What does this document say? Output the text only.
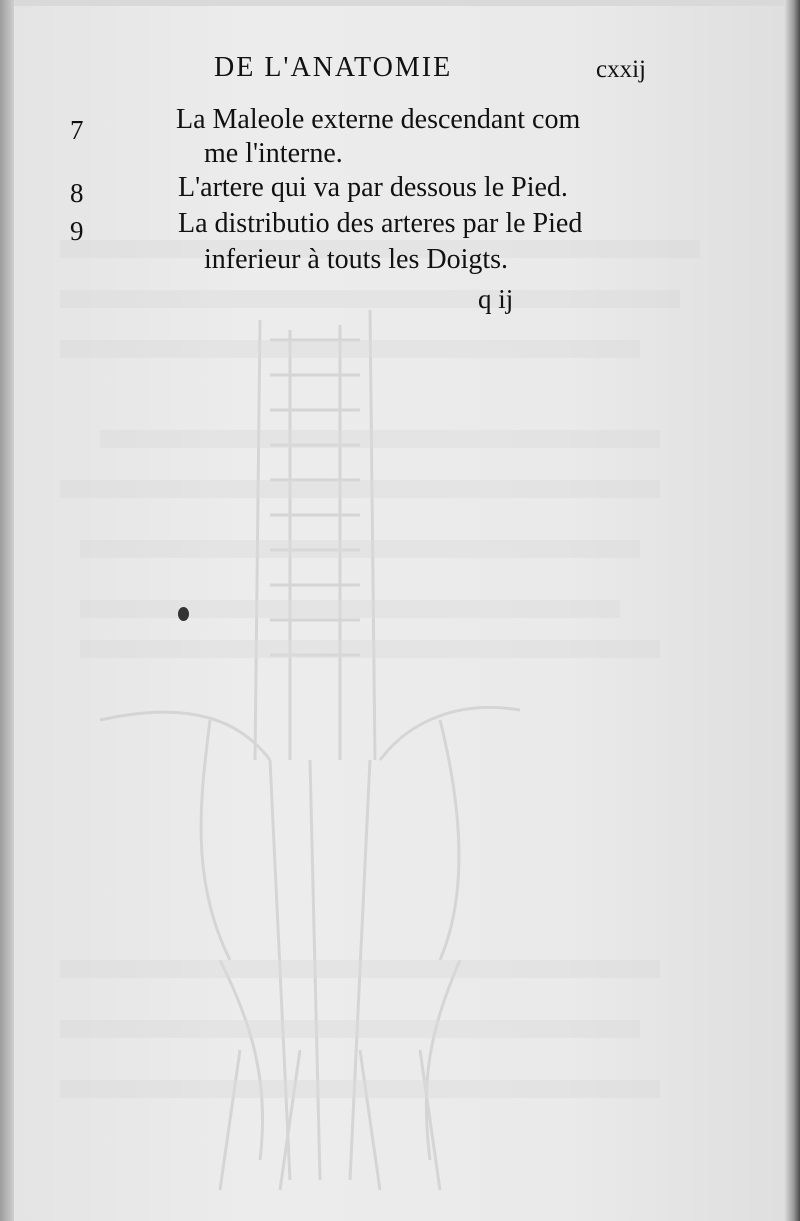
DE L'ANATOMIE	cxxij
7	La Maleole externe descendant com
me l'interne.
8	L'artere qui va par dessous le Pied.
9	La distributio des arteres par le Pied
inferieur à touts les Doigts.
q ij
